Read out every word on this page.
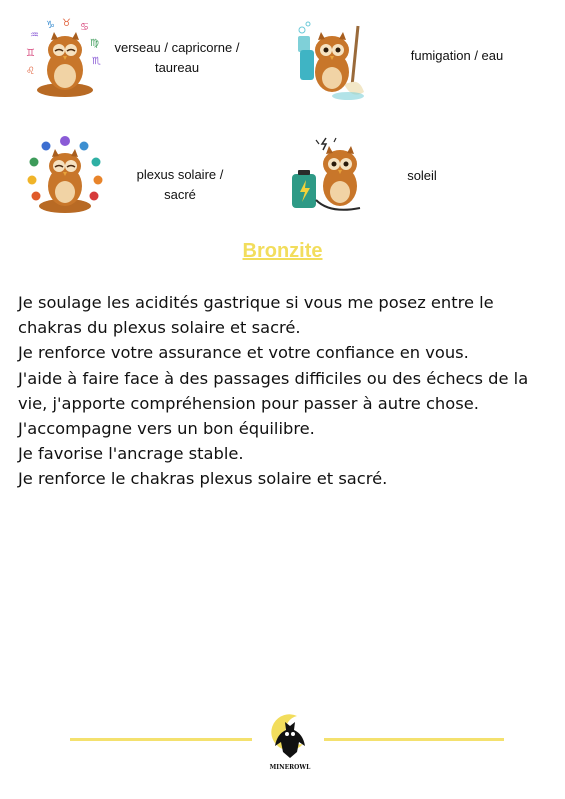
♒
♑ ♉ ♋
♍
♊
♏
♌
verseau / capricorne / taureau
fumigation / eau
plexus solaire / sacré
soleil
Bronzite

Je soulage les acidités gastrique si vous me posez entre le chakras du plexus solaire et sacré.

Je renforce votre assurance et votre confiance en vous.

J'aide à faire face à des passages difficiles ou des échecs de la vie, j'apporte compréhension pour passer à autre chose.

J'accompagne vers un bon équilibre.

Je favorise l'ancrage stable.

Je renforce le chakras plexus solaire et sacré.

MINEROWL
